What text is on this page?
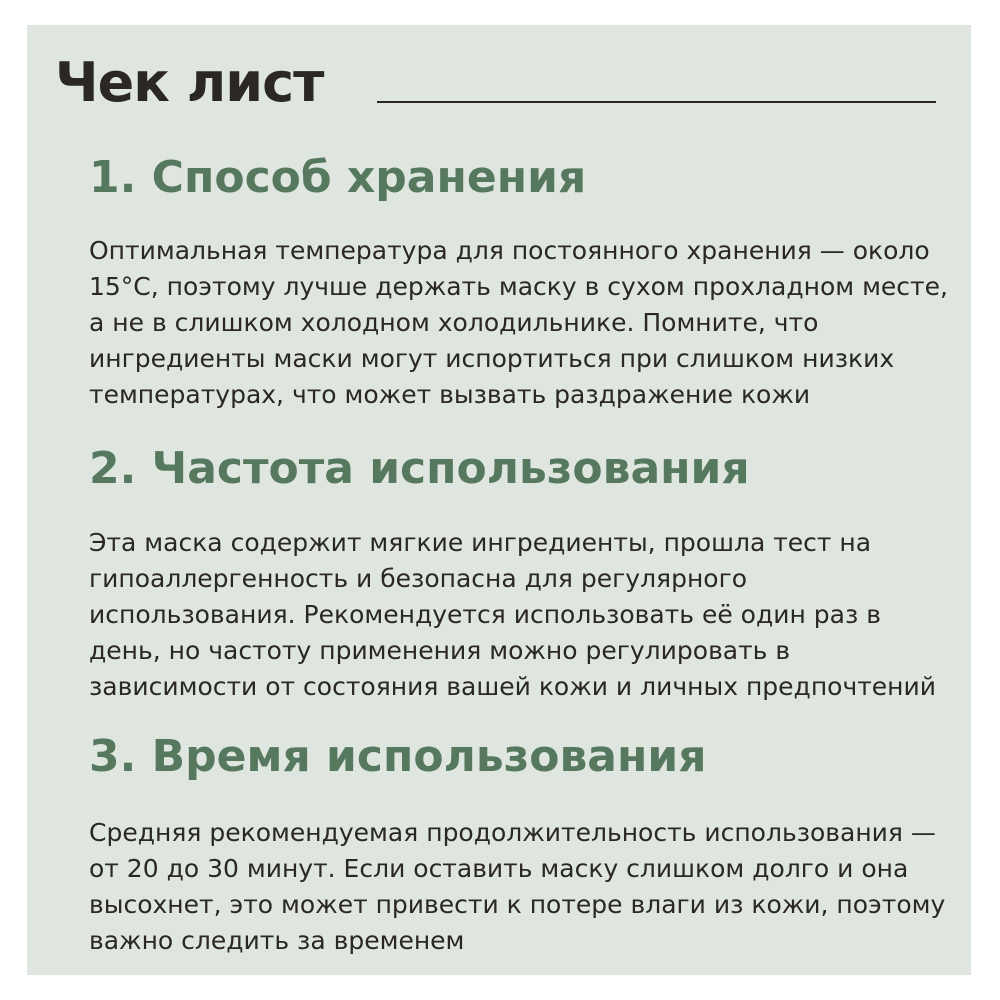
Чек лист
1. Способ хранения

Оптимальная температура для постоянного хранения — около 15°C, поэтому лучше держать маску в сухом прохладном месте, а не в слишком холодном холодильнике. Помните, что ингредиенты маски могут испортиться при слишком низких температурах, что может вызвать раздражение кожи

2. Частота использования

Эта маска содержит мягкие ингредиенты, прошла тест на гипоаллергенность и безопасна для регулярного использования. Рекомендуется использовать её один раз в день, но частоту применения можно регулировать в зависимости от состояния вашей кожи и личных предпочтений

3. Время использования

Средняя рекомендуемая продолжительность использования — от 20 до 30 минут. Если оставить маску слишком долго и она высохнет, это может привести к потере влаги из кожи, поэтому важно следить за временем
